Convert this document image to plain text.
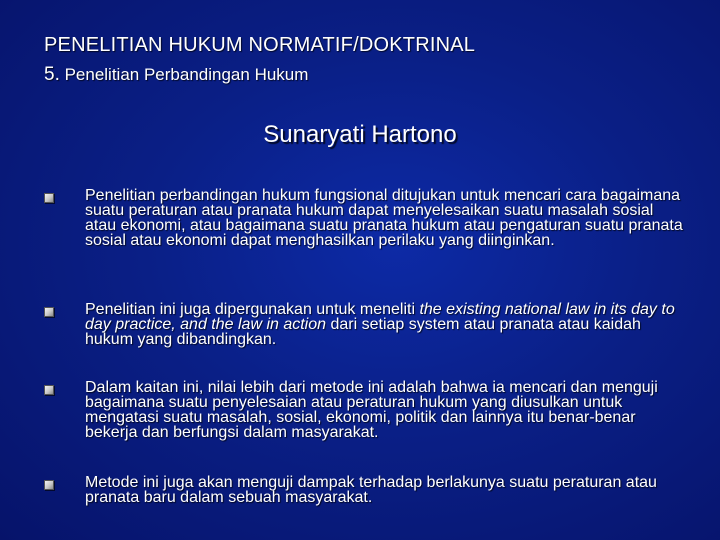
PENELITIAN HUKUM NORMATIF/DOKTRINAL
5. Penelitian Perbandingan Hukum
Sunaryati Hartono
Penelitian perbandingan hukum fungsional ditujukan untuk mencari cara bagaimana suatu peraturan atau pranata hukum dapat menyelesaikan suatu masalah sosial atau ekonomi, atau bagaimana suatu pranata hukum atau pengaturan suatu pranata sosial atau ekonomi dapat menghasilkan perilaku yang diinginkan.
Penelitian ini juga dipergunakan untuk meneliti the existing national law in its day to day practice, and the law in action dari setiap system atau pranata atau kaidah hukum yang dibandingkan.
Dalam kaitan ini, nilai lebih dari metode ini adalah bahwa ia mencari dan menguji bagaimana suatu penyelesaian atau peraturan hukum yang diusulkan untuk mengatasi suatu masalah, sosial, ekonomi, politik dan lainnya itu benar-benar bekerja dan berfungsi dalam masyarakat.
Metode ini juga akan menguji dampak terhadap berlakunya suatu peraturan atau pranata baru dalam sebuah masyarakat.
